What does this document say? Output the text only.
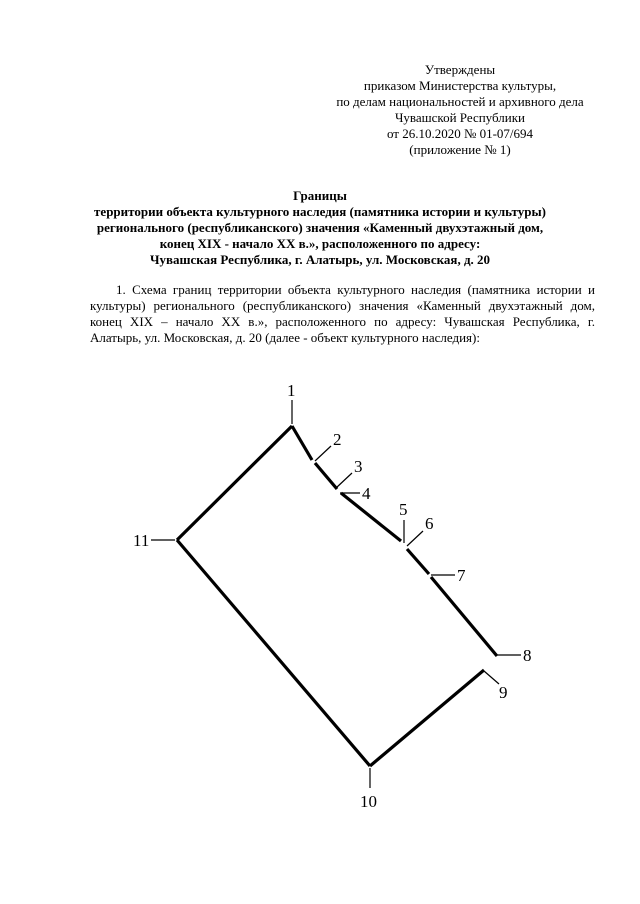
Утверждены
приказом Министерства культуры,
по делам национальностей и архивного дела
Чувашской Республики
от 26.10.2020 № 01-07/694
(приложение № 1)
Границы
территории объекта культурного наследия (памятника истории и культуры)
регионального (республиканского) значения «Каменный двухэтажный дом,
конец XIX - начало XX в.», расположенного по адресу:
Чувашская Республика, г. Алатырь, ул. Московская, д. 20
1. Схема границ территории объекта культурного наследия (памятника истории и культуры) регионального (республиканского) значения «Каменный двухэтажный дом, конец XIX – начало XX в.», расположенного по адресу: Чувашская Республика, г. Алатырь, ул. Московская, д. 20 (далее - объект культурного наследия):
1
2
3
4
5
6
7
8
9
10
11
